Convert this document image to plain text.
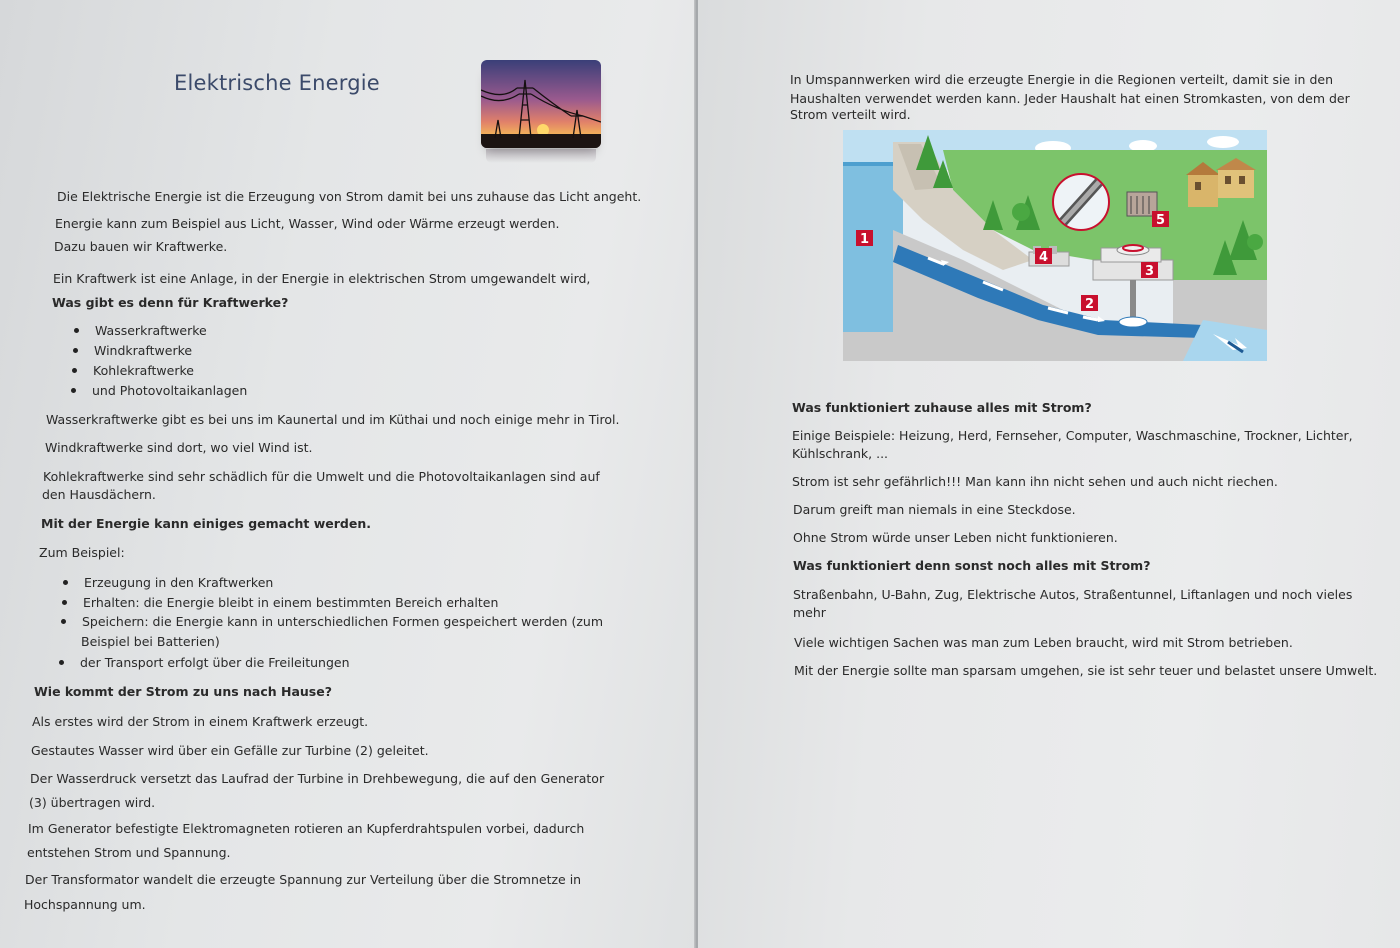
Elektrische Energie
Die Elektrische Energie ist die Erzeugung von Strom damit bei uns zuhause das Licht angeht.
Energie kann zum Beispiel aus Licht, Wasser, Wind oder Wärme erzeugt werden.
Dazu bauen wir Kraftwerke.
Ein Kraftwerk ist eine Anlage, in der Energie in elektrischen Strom umgewandelt wird,
Was gibt es denn für Kraftwerke?
Wasserkraftwerke
Windkraftwerke
Kohlekraftwerke
und Photovoltaikanlagen
Wasserkraftwerke gibt es bei uns im Kaunertal und im Küthai und noch einige mehr in Tirol.
Windkraftwerke sind dort, wo viel Wind ist.
Kohlekraftwerke sind sehr schädlich für die Umwelt und die Photovoltaikanlagen sind auf
den Hausdächern.
Mit der Energie kann einiges gemacht werden.
Zum Beispiel:
Erzeugung in den Kraftwerken
Erhalten: die Energie bleibt in einem bestimmten Bereich erhalten
Speichern: die Energie kann in unterschiedlichen Formen gespeichert werden (zum
Beispiel bei Batterien)
der Transport erfolgt über die Freileitungen
Wie kommt der Strom zu uns nach Hause?
Als erstes wird der Strom in einem Kraftwerk erzeugt.
Gestautes Wasser wird über ein Gefälle zur Turbine (2) geleitet.
Der Wasserdruck versetzt das Laufrad der Turbine in Drehbewegung, die auf den Generator
(3) übertragen wird.
Im Generator befestigte Elektromagneten rotieren an Kupferdrahtspulen vorbei, dadurch
entstehen Strom und Spannung.
Der Transformator wandelt die erzeugte Spannung zur Verteilung über die Stromnetze in
Hochspannung um.
In Umspannwerken wird die erzeugte Energie in die Regionen verteilt, damit sie in den
Haushalten verwendet werden kann. Jeder Haushalt hat einen Stromkasten, von dem der
Strom verteilt wird.
1
2
3
4
5
Was funktioniert zuhause alles mit Strom?
Einige Beispiele: Heizung, Herd, Fernseher, Computer, Waschmaschine, Trockner, Lichter,
Kühlschrank, ...
Strom ist sehr gefährlich!!! Man kann ihn nicht sehen und auch nicht riechen.
Darum greift man niemals in eine Steckdose.
Ohne Strom würde unser Leben nicht funktionieren.
Was funktioniert denn sonst noch alles mit Strom?
Straßenbahn, U-Bahn, Zug, Elektrische Autos, Straßentunnel, Liftanlagen und noch vieles
mehr
Viele wichtigen Sachen was man zum Leben braucht, wird mit Strom betrieben.
Mit der Energie sollte man sparsam umgehen, sie ist sehr teuer und belastet unsere Umwelt.
